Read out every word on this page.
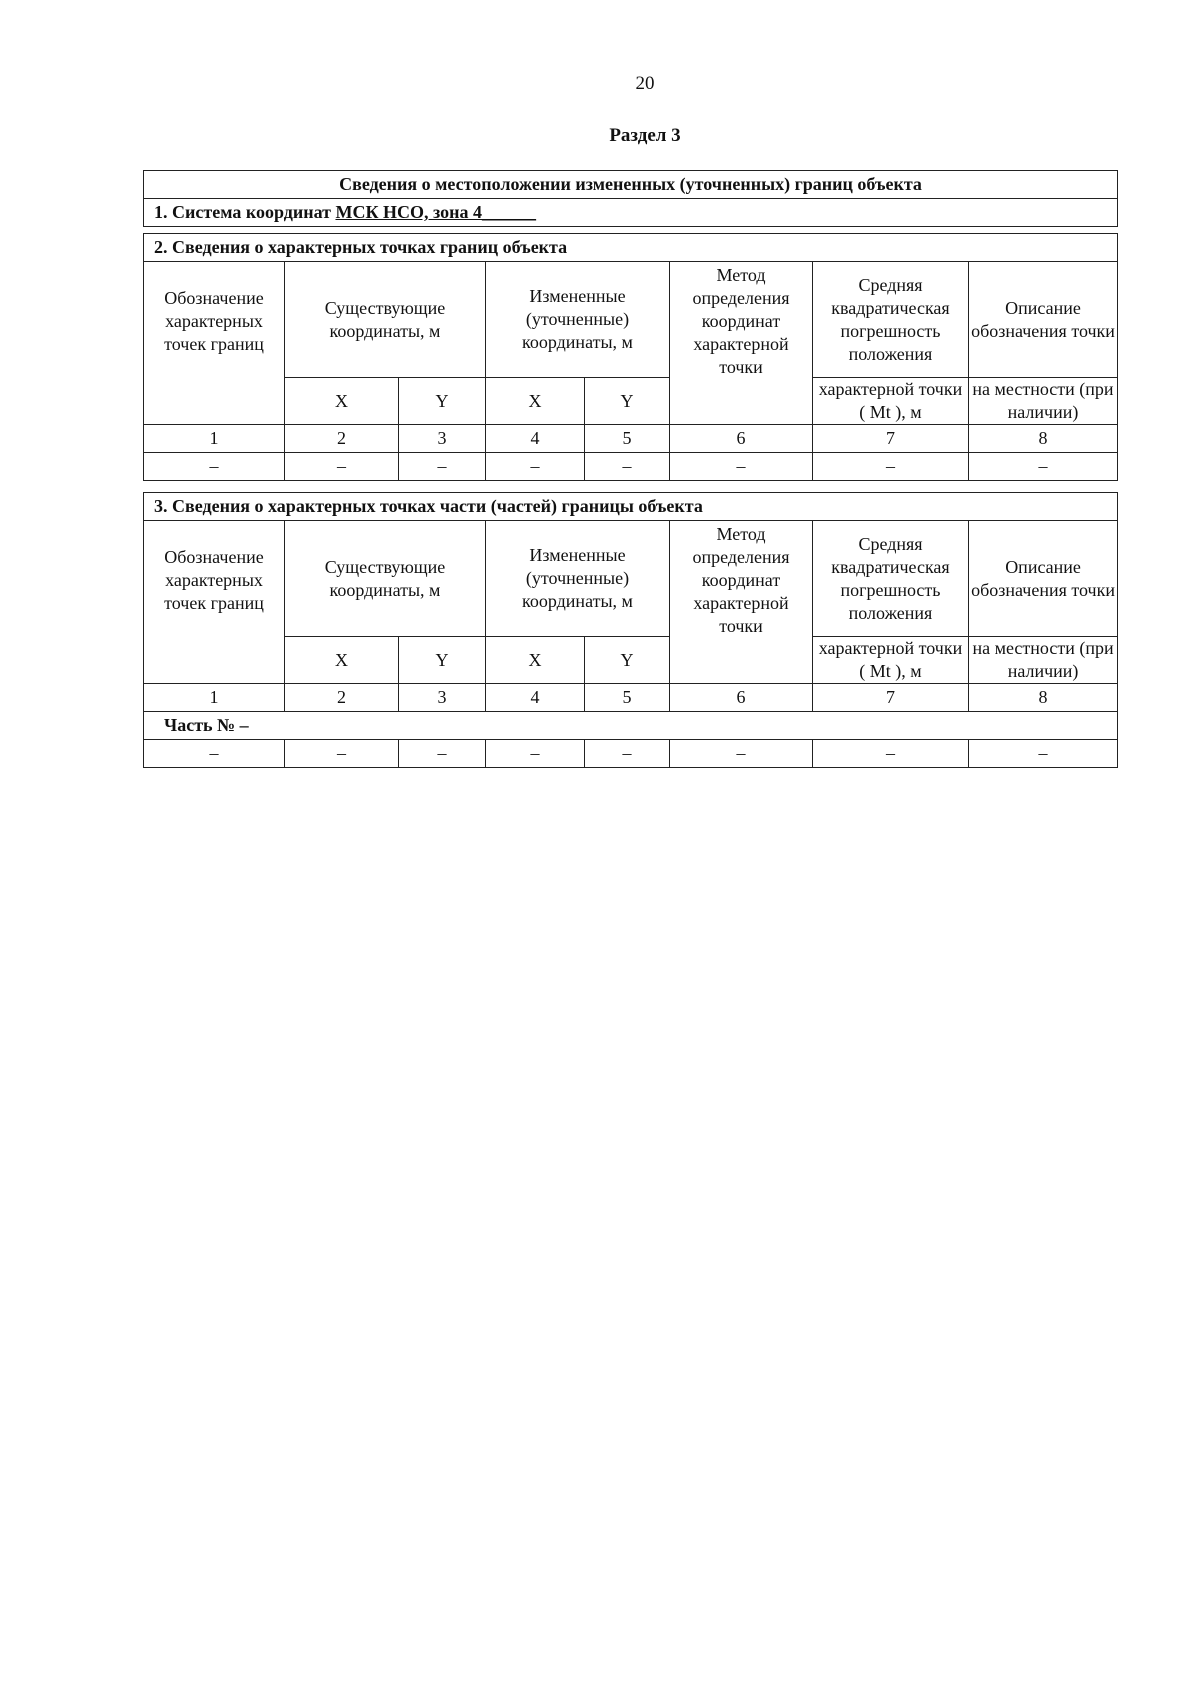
20
Раздел 3
Сведения о местоположении измененных (уточненных) границ объекта
1. Система координат МСК НСО, зона 4______
2. Сведения о характерных точках границ объекта							
Обозначение характерных точек границ	Существующие координаты, м		Измененные (уточненные) координаты, м		Метод определения координат характерной точки	Средняя квадратическая погрешность положения	Описание обозначения точки
	X	Y	X	Y		характерной точки ( Mt ), м	на местности (при наличии)
1	2	3	4	5	6	7	8
–	–	–	–	–	–	–	–
3. Сведения о характерных точках части (частей) границы объекта							
Обозначение характерных точек границ	Существующие координаты, м		Измененные (уточненные) координаты, м		Метод определения координат характерной точки	Средняя квадратическая погрешность положения	Описание обозначения точки
	X	Y	X	Y		характерной точки ( Mt ), м	на местности (при наличии)
1	2	3	4	5	6	7	8
Часть № –							
–	–	–	–	–	–	–	–
